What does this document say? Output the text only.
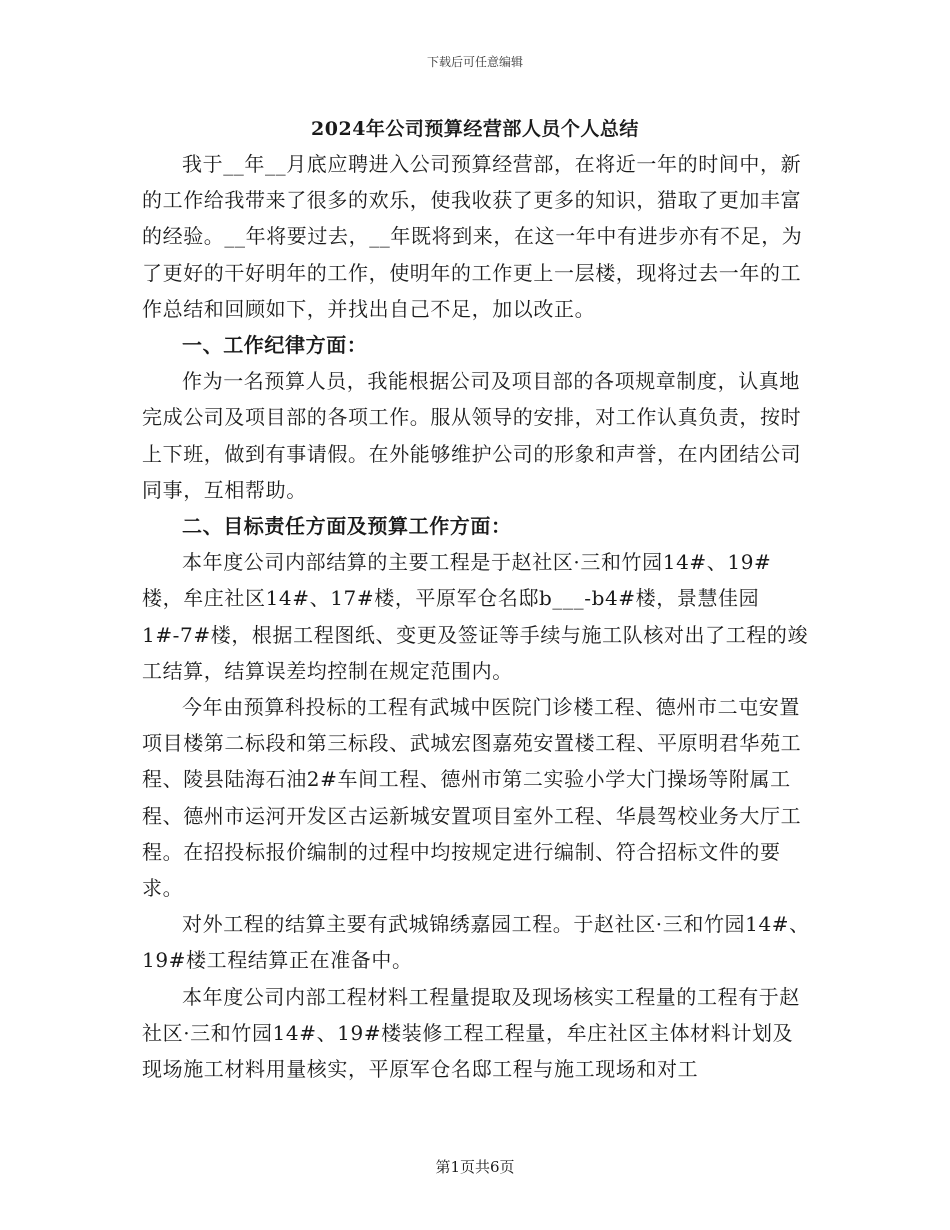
下载后可任意编辑
2024年公司预算经营部人员个人总结

我于__年__月底应聘进入公司预算经营部，在将近一年的时间中，新的工作给我带来了很多的欢乐，使我收获了更多的知识，猎取了更加丰富的经验。__年将要过去，__年既将到来，在这一年中有进步亦有不足，为了更好的干好明年的工作，使明年的工作更上一层楼，现将过去一年的工作总结和回顾如下，并找出自己不足，加以改正。

一、工作纪律方面：

作为一名预算人员，我能根据公司及项目部的各项规章制度，认真地完成公司及项目部的各项工作。服从领导的安排，对工作认真负责，按时上下班，做到有事请假。在外能够维护公司的形象和声誉，在内团结公司同事，互相帮助。

二、目标责任方面及预算工作方面：

本年度公司内部结算的主要工程是于赵社区·三和竹园14#、19#楼，牟庄社区14#、17#楼，平原军仓名邸b___-b4#楼，景慧佳园1#-7#楼，根据工程图纸、变更及签证等手续与施工队核对出了工程的竣工结算，结算误差均控制在规定范围内。

今年由预算科投标的工程有武城中医院门诊楼工程、德州市二屯安置项目楼第二标段和第三标段、武城宏图嘉苑安置楼工程、平原明君华苑工程、陵县陆海石油2#车间工程、德州市第二实验小学大门操场等附属工程、德州市运河开发区古运新城安置项目室外工程、华晨驾校业务大厅工程。在招投标报价编制的过程中均按规定进行编制、符合招标文件的要求。

对外工程的结算主要有武城锦绣嘉园工程。于赵社区·三和竹园14#、19#楼工程结算正在准备中。

本年度公司内部工程材料工程量提取及现场核实工程量的工程有于赵社区·三和竹园14#、19#楼装修工程工程量，牟庄社区主体材料计划及现场施工材料用量核实，平原军仓名邸工程与施工现场和对工

第1页共6页
